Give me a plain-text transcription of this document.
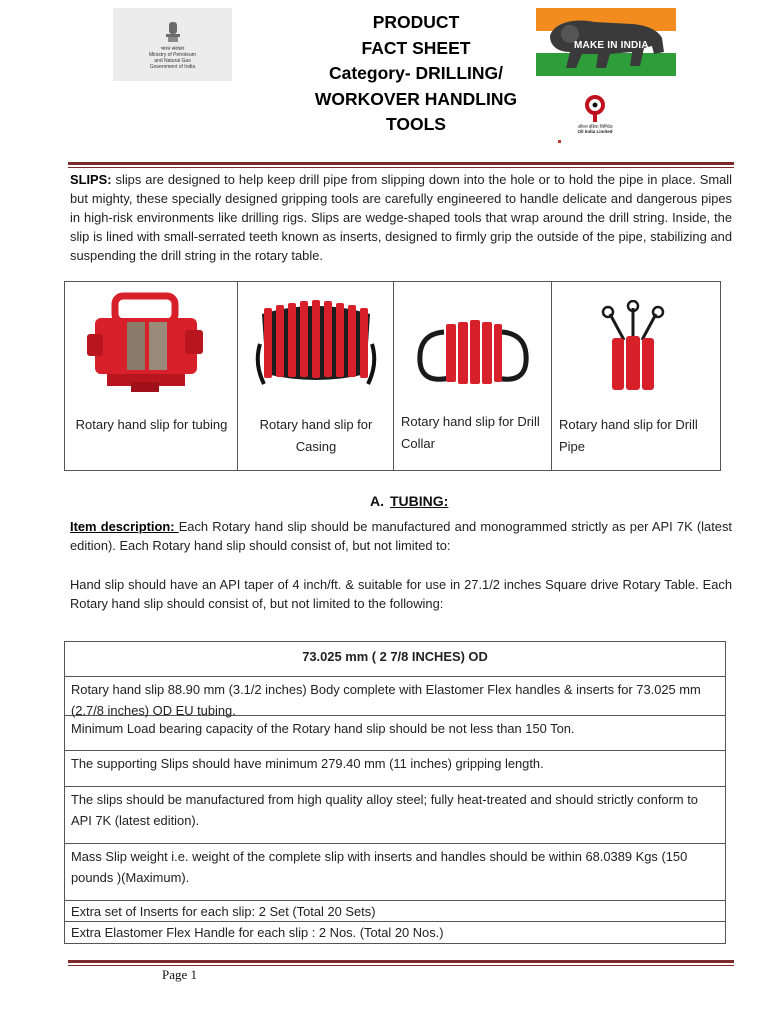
भारत सरकार
Ministry of Petroleum
and Natural Gas
Government of India
PRODUCT
FACT SHEET
Category- DRILLING/
WORKOVER HANDLING
TOOLS
MAKE IN INDIA
ऑयल इंडिया लिमिटेड
Oil India Limited
SLIPS: slips are designed to help keep drill pipe from slipping down into the hole or to hold the pipe in place. Small but mighty, these specially designed gripping tools are carefully engineered to handle delicate and dangerous pipes in high-risk environments like drilling rigs. Slips are wedge-shaped tools that wrap around the drill string. Inside, the slip is lined with small-serrated teeth known as inserts, designed to firmly grip the outside of the pipe, stabilizing and suspending the drill string in the rotary table.
Rotary hand slip for tubing	Rotary hand slip for Casing
Rotary hand slip for Drill Collar
Rotary hand slip for Drill Pipe
A. TUBING:
Item description: Each Rotary hand slip should be manufactured and monogrammed strictly as per API 7K (latest edition). Each Rotary hand slip should consist of, but not limited to:
Hand slip should have an API taper of 4 inch/ft. & suitable for use in 27.1/2 inches Square drive Rotary Table. Each Rotary hand slip should consist of, but not limited to the following:
73.025 mm ( 2 7/8 INCHES) OD
Rotary hand slip 88.90 mm (3.1/2 inches) Body complete with Elastomer Flex handles & inserts for 73.025 mm (2.7/8 inches) OD EU tubing.
Minimum Load bearing capacity of the Rotary hand slip should be not less than 150 Ton.
The supporting Slips should have minimum 279.40 mm (11 inches) gripping length.
The slips should be manufactured from high quality alloy steel; fully heat-treated and should strictly conform to API 7K (latest edition).
Mass Slip weight i.e. weight of the complete slip with inserts and handles should be within 68.0389 Kgs (150 pounds )(Maximum).
Extra set of Inserts for each slip: 2 Set (Total 20 Sets)
Extra Elastomer Flex Handle for each slip : 2 Nos. (Total 20 Nos.)
Page 1
